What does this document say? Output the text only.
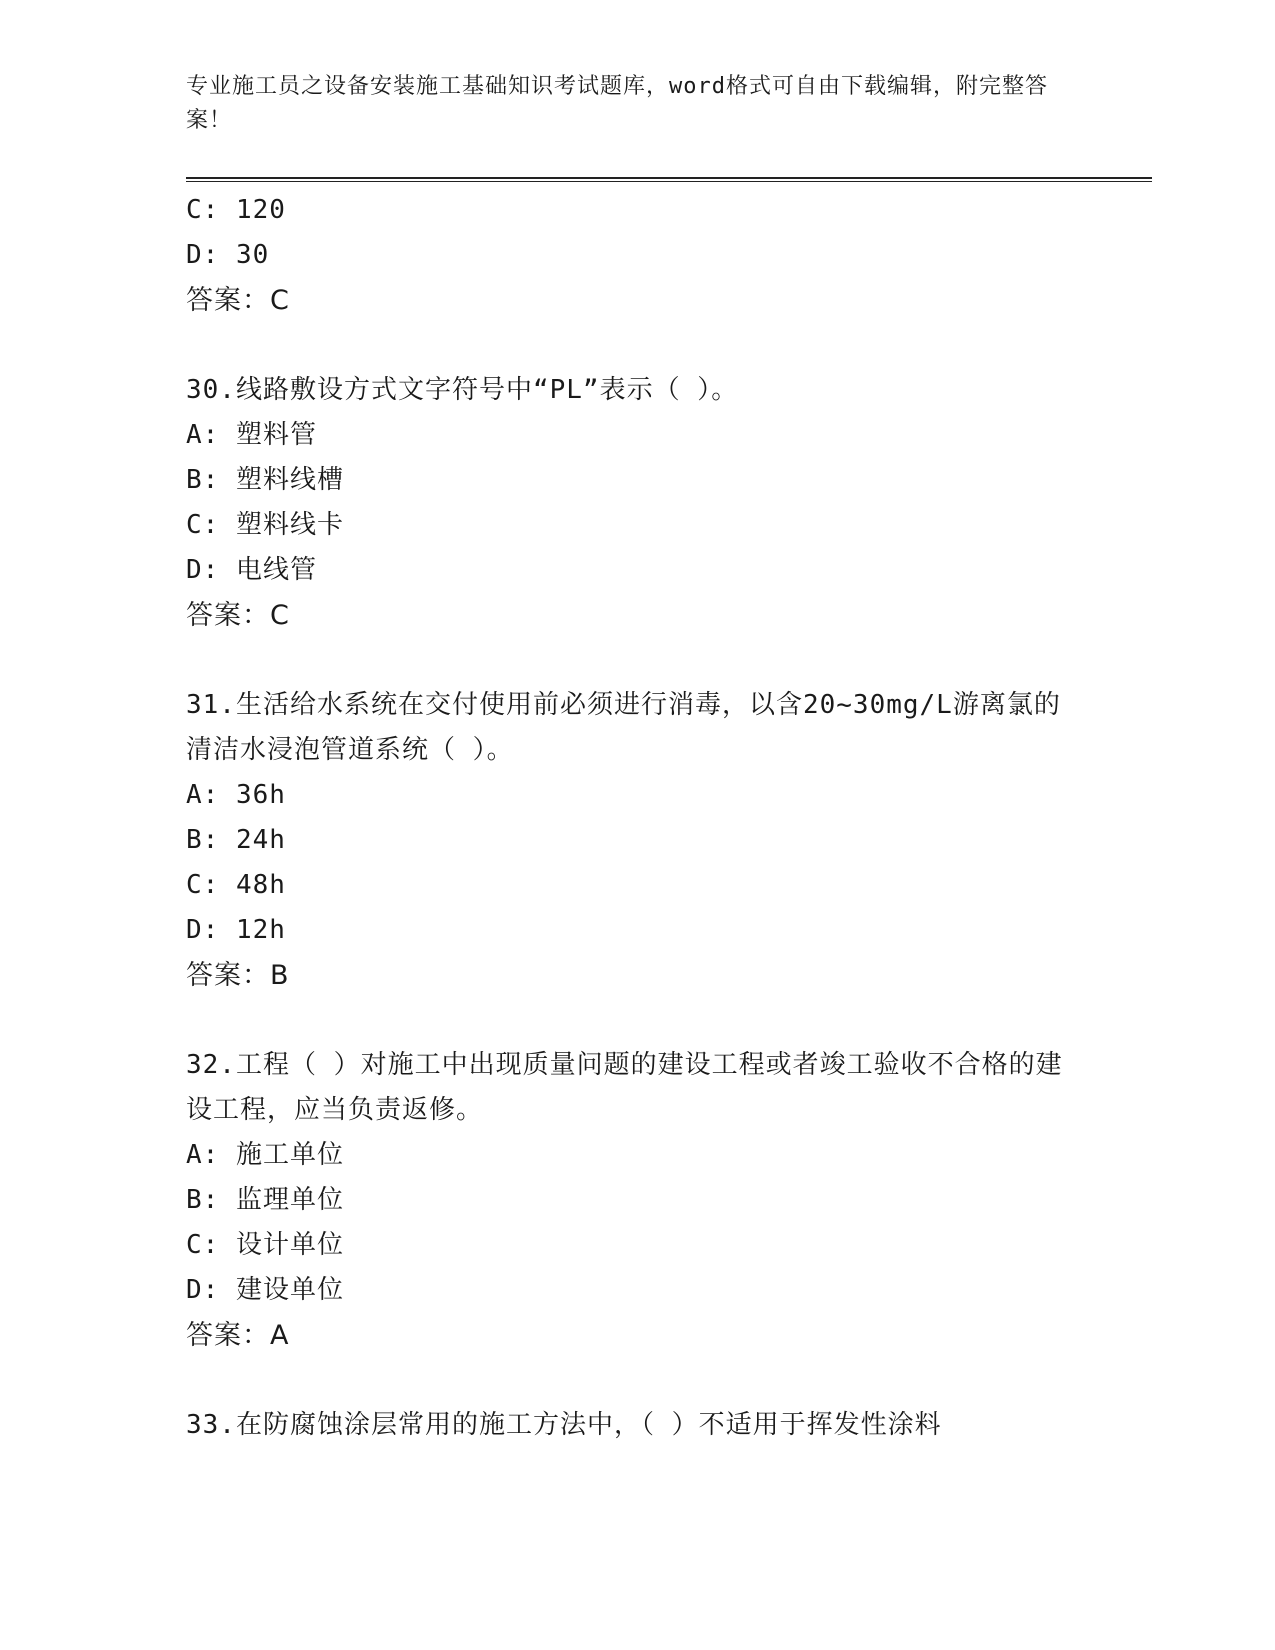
专业施工员之设备安装施工基础知识考试题库，word格式可自由下载编辑，附完整答案！
C: 120
D: 30
答案：C
30.线路敷设方式文字符号中“PL”表示（ ）。
A: 塑料管
B: 塑料线槽
C: 塑料线卡
D: 电线管
答案：C
31.生活给水系统在交付使用前必须进行消毒，以含20~30mg/L游离氯的清洁水浸泡管道系统（ ）。
A: 36h
B: 24h
C: 48h
D: 12h
答案：B
32.工程（ ）对施工中出现质量问题的建设工程或者竣工验收不合格的建设工程，应当负责返修。
A: 施工单位
B: 监理单位
C: 设计单位
D: 建设单位
答案：A
33.在防腐蚀涂层常用的施工方法中，（ ）不适用于挥发性涂料
